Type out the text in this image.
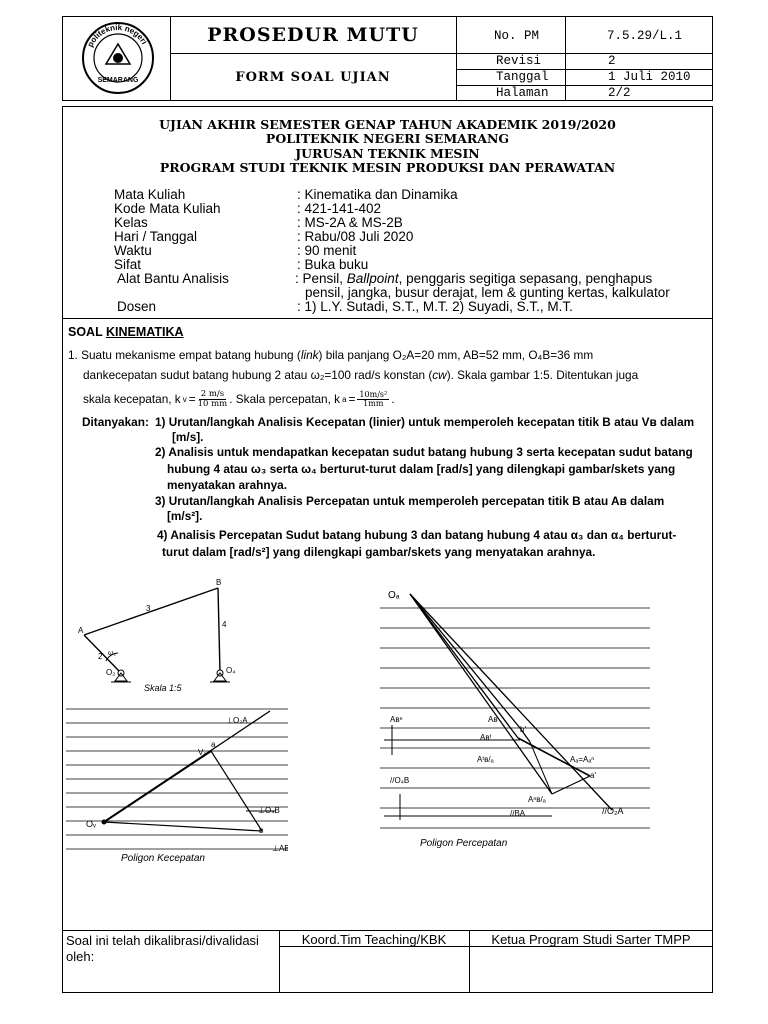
politeknik negeri
SEMARANG
PROSEDUR MUTU
FORM SOAL UJIAN
No. PM	7.5.29/L.1
Revisi	2
Tanggal	1 Juli 2010
Halaman	2/2
UJIAN AKHIR SEMESTER GENAP TAHUN AKADEMIK 2019/2020
POLITEKNIK NEGERI SEMARANG
JURUSAN TEKNIK MESIN
PROGRAM STUDI TEKNIK MESIN PRODUKSI DAN PERAWATAN
Mata Kuliah	: Kinematika dan Dinamika
Kode Mata Kuliah	: 421-141-402
Kelas	: MS-2A & MS-2B
Hari / Tanggal	: Rabu/08 Juli 2020
Waktu	: 90 menit
Sifat	: Buka buku
Alat Bantu Analisis	: Pensil, Ballpoint, penggaris segitiga sepasang, penghapus
pensil, jangka, busur derajat, lem & gunting kertas, kalkulator
Dosen	: 1) L.Y. Sutadi, S.T., M.T. 2) Suyadi, S.T., M.T.
SOAL KINEMATIKA
1. Suatu mekanisme empat batang hubung (link) bila panjang O₂A=20 mm, AB=52 mm, O₄B=36 mm
dankecepatan sudut batang hubung 2 atau ω₂=100 rad/s konstan (cw). Skala gambar 1:5. Ditentukan juga
skala kecepatan, k $v = \frac{2 m/s}{10 mm}$ . Skala percepatan, k $a = \frac{\text{10m/s²}}{1mm}$ .
Ditanyakan: 1) Urutan/langkah Analisis Kecepatan (linier) untuk memperoleh kecepatan titik B atau Vʙ dalam
[m/s].
2) Analisis untuk mendapatkan kecepatan sudut batang hubung 3 serta kecepatan sudut batang
hubung 4 atau ω₃ serta ω₄ berturut-turut dalam [rad/s] yang dilengkapi gambar/skets yang
menyatakan arahnya.
3) Urutan/langkah Analisis Percepatan untuk memperoleh percepatan titik B atau Aʙ dalam
[m/s²].
4) Analisis Percepatan Sudut batang hubung 3 dan batang hubung 4 atau α₃ dan α₄ berturut-
turut dalam [rad/s²] yang dilengkapi gambar/skets yang menyatakan arahnya.
A
B
3
4
2 ω₂
O₂	O₄
Skala 1:5
Oᵥ
a
b
Vₐ
⊥O₂A
⊥O₄B
⊥AB
Poligon Kecepatan
Oₐ
Aʙ
Aʙⁿ
Aʙᵗ
Aᵗʙ/ₐ
Aⁿʙ/ₐ
Aₐ=Aₐⁿ
a'
b'
//O₄B
//BA	//O₂A
Poligon Percepatan
Soal ini telah dikalibrasi/divalidasi oleh:
Koord.Tim Teaching/KBK	Ketua Program Studi Sarter TMPP
